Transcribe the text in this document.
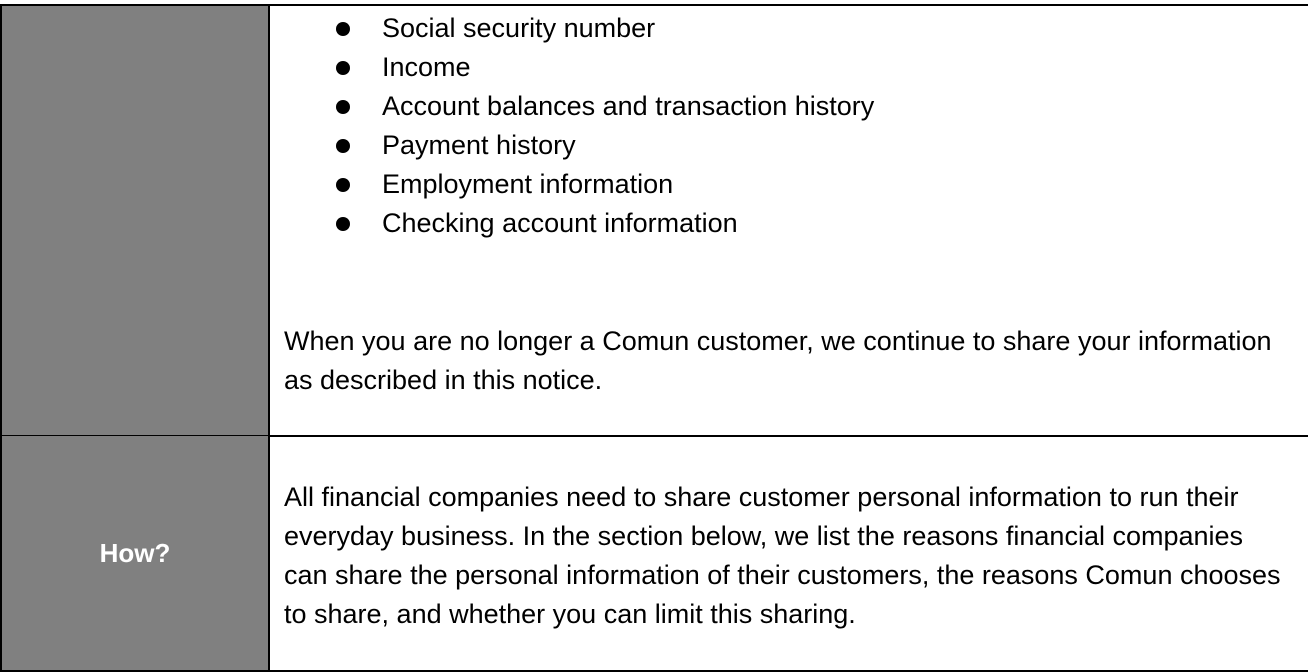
Social security number
Income
Account balances and transaction history
Payment history
Employment information
Checking account information

When you are no longer a Comun customer, we continue to share your information as described in this notice.

How?

All financial companies need to share customer personal information to run their everyday business. In the section below, we list the reasons financial companies can share the personal information of their customers, the reasons Comun chooses to share, and whether you can limit this sharing.
